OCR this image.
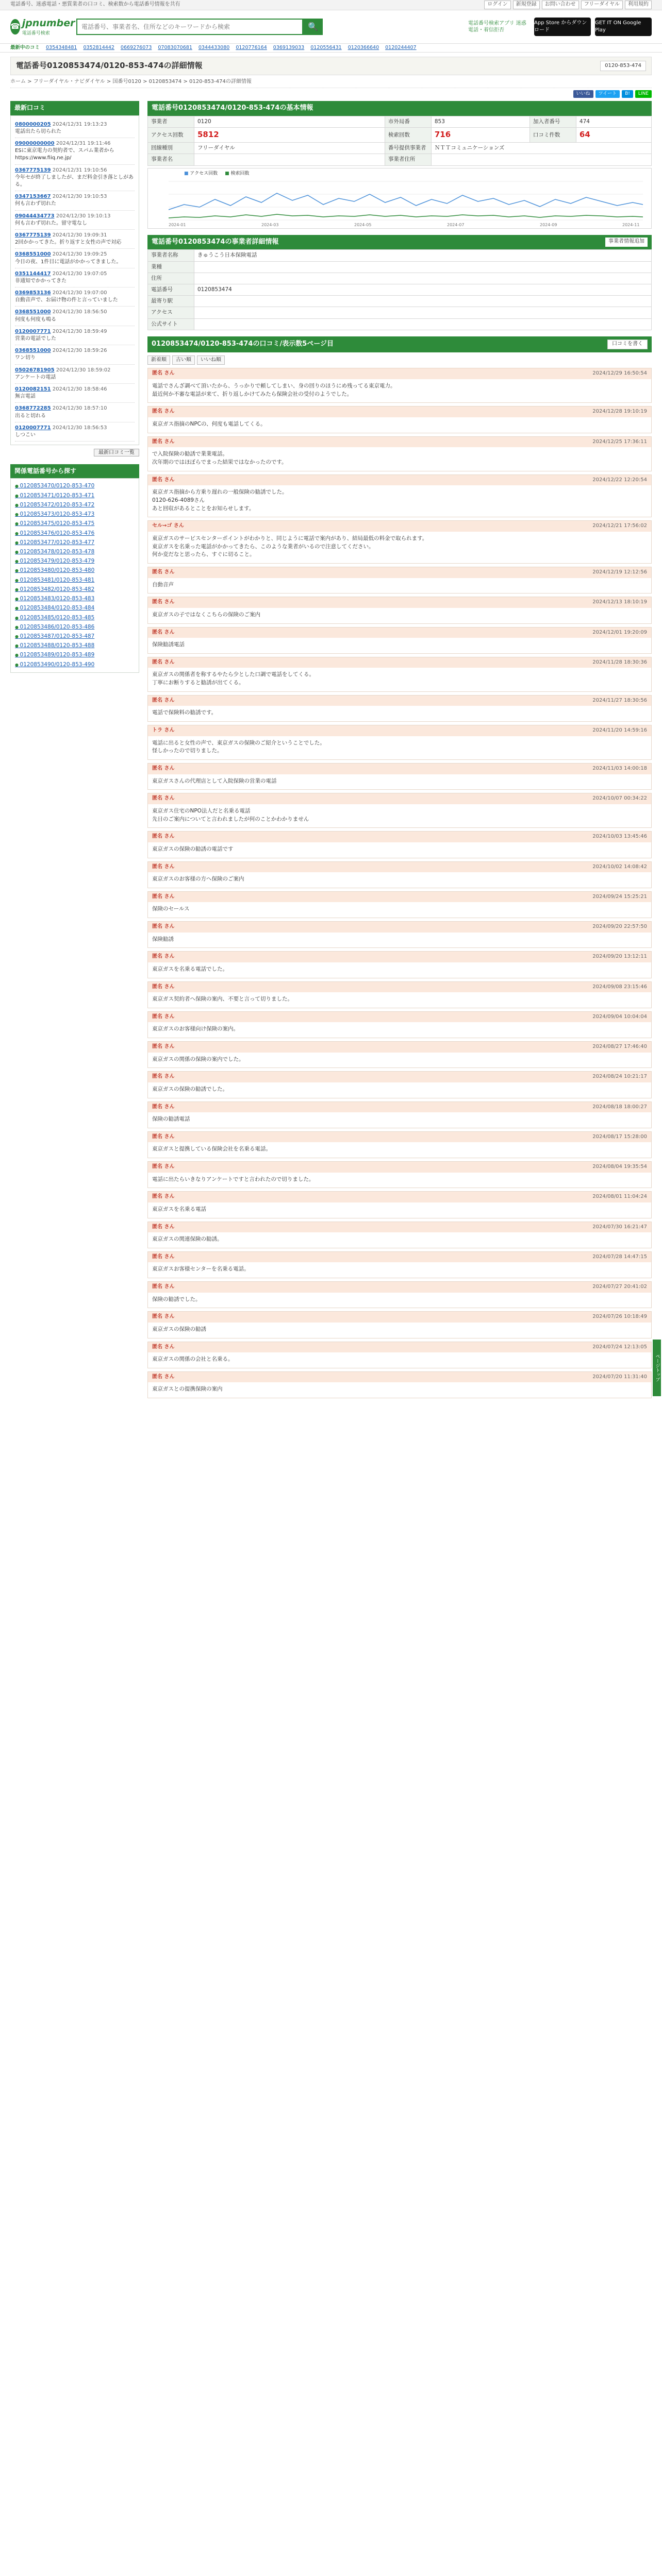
電話番号、迷惑電話・悪質業者の口コミ、検索数から電話番号情報を共有	ログイン	新規登録	お問い合わせ	フリーダイヤル	利用規約
☎ jpnumber
電話番号検索
電話番号、事業者名、住所などのキーワードから検索
🔍	電話番号検索アプリ 迷惑電話・着信拒否
App Store からダウンロード
GET IT ON Google Play
最新中のコミ 0354348481 0352814442 0669276073 07083070681 0344433080 0120776164 0369139033 0120556431 0120366640 0120244407
電話番号0120853474/0120-853-474の詳細情報	0120-853-474
ホーム > フリーダイヤル・ナビダイヤル > 国番号0120 > 0120853474 > 0120-853-474の詳細情報
いいね	ツイート	B!	LINE
最新口コミ
0800000205 2024/12/31 19:13:23
電話出たら切られた
09000000000 2024/12/31 19:11:46
ESに東京電力の契約者で、スパム業者から https://www.fiiq.ne.jp/
0367775139 2024/12/31 19:10:56
今年セが終了しましたが、まだ料金引き落としがある。
0347153667 2024/12/30 19:10:53
何も言わず切れた
09044434773 2024/12/30 19:10:13
何も言わず切れた。留守電なし
0367775139 2024/12/30 19:09:31
2回かかってきた。折り返すと女性の声で対応
0368551000 2024/12/30 19:09:25
今日の夜、1件目に電話がかかってきました。
0351144417 2024/12/30 19:07:05
非通知でかかってきた
0369853136 2024/12/30 19:07:00
自動音声で、お届け物の件と言っていました
0368551000 2024/12/30 18:56:50
何度も何度も鳴る
0120007771 2024/12/30 18:59:49
営業の電話でした
0368551000 2024/12/30 18:59:26
ワン切り
05026781905 2024/12/30 18:59:02
アンケートの電話
0120082151 2024/12/30 18:58:46
無言電話
0368772285 2024/12/30 18:57:10
出ると切れる
0120007771 2024/12/30 18:56:53
しつこい
最新口コミ一覧
関係電話番号から探す
● 0120853470/0120-853-470
● 0120853471/0120-853-471
● 0120853472/0120-853-472
● 0120853473/0120-853-473
● 0120853475/0120-853-475
● 0120853476/0120-853-476
● 0120853477/0120-853-477
● 0120853478/0120-853-478
● 0120853479/0120-853-479
● 0120853480/0120-853-480
● 0120853481/0120-853-481
● 0120853482/0120-853-482
● 0120853483/0120-853-483
● 0120853484/0120-853-484
● 0120853485/0120-853-485
● 0120853486/0120-853-486
● 0120853487/0120-853-487
● 0120853488/0120-853-488
● 0120853489/0120-853-489
● 0120853490/0120-853-490
電話番号0120853474/0120-853-474の基本情報
事業者	0120	市外局番	853	加入者番号	474
アクセス回数	5812	検索回数	716	口コミ件数	64
回線種別	フリーダイヤル	番号提供事業者	ＮＴＴコミュニケーションズ		
事業者名		事業者住所			
■ アクセス回数 ■ 検索回数
2024-01	2024-03	2024-05	2024-07	2024-09	2024-11
電話番号0120853474の事業者詳細情報	事業者情報追加
事業者名称	きゅうこう日本保険電話
業種	
住所	
電話番号	0120853474
最寄り駅	
アクセス	
公式サイト	
0120853474/0120-853-474の口コミ/表示数5ページ目	口コミを書く
新着順	古い順	いいね順
匿名 さん	2024/12/29 16:50:54
電話でさんざ調べて頂いたから、うっかりで頼してしまい、身の回りのほうにめ残ってる東京電力。
最近何か不審な電話が来て、折り返しかけてみたら保険会社の受付のようでした。
匿名 さん	2024/12/28 19:10:19
東京ガス指摘のNPCの、何度も電話してくる。
匿名 さん	2024/12/25 17:36:11
で入院保険の勧誘で業業電話。
次年期のではほぼらでまった結果ではなかったのです。
匿名 さん	2024/12/22 12:20:54
東京ガス指摘から方乗り遅れの一般保険の勧誘でした。
0120-626-4089さん
あと回収があるとことをお知らせします。
セル→ゴ さん	2024/12/21 17:56:02
東京ガスのサービスセンターポイントがわかりと、同じように電話で案内があり、結局最低の料金で取られます。
東京ガスを名乗った電話がかかってきたら、このような業者がいるので注意してください。
何か変だなと思ったら、すぐに切ること。
匿名 さん	2024/12/19 12:12:56
自動音声
匿名 さん	2024/12/13 18:10:19
東京ガスの子ではなくこちらの保険のご案内
匿名 さん	2024/12/01 19:20:09
保険勧誘電話
匿名 さん	2024/11/28 18:30:36
東京ガスの関係者を称するやたら少とした口調で電話をしてくる。
丁寧にお断りすると勧誘が出てくる。
匿名 さん	2024/11/27 18:30:56
電話で保険料の勧誘です。
トラ さん	2024/11/20 14:59:16
電話に出ると女性の声で、東京ガスの保険のご紹介ということでした。
怪しかったので切りました。
匿名 さん	2024/11/03 14:00:18
東京ガスさんの代理店として入院保険の営業の電話
匿名 さん	2024/10/07 00:34:22
東京ガス住宅のNPO法人だと名乗る電話
先日のご案内についてと言われましたが何のことかわかりません
匿名 さん	2024/10/03 13:45:46
東京ガスの保険の勧誘の電話です
匿名 さん	2024/10/02 14:08:42
東京ガスのお客様の方へ保険のご案内
匿名 さん	2024/09/24 15:25:21
保険のセールス
匿名 さん	2024/09/20 22:57:50
保険勧誘
匿名 さん	2024/09/20 13:12:11
東京ガスを名乗る電話でした。
匿名 さん	2024/09/08 23:15:46
東京ガス契約者へ保険の案内、不要と言って切りました。
匿名 さん	2024/09/04 10:04:04
東京ガスのお客様向け保険の案内。
匿名 さん	2024/08/27 17:46:40
東京ガスの関係の保険の案内でした。
匿名 さん	2024/08/24 10:21:17
東京ガスの保険の勧誘でした。
匿名 さん	2024/08/18 18:00:27
保険の勧誘電話
匿名 さん	2024/08/17 15:28:00
東京ガスと提携している保険会社を名乗る電話。
匿名 さん	2024/08/04 19:35:54
電話に出たらいきなりアンケートですと言われたので切りました。
匿名 さん	2024/08/01 11:04:24
東京ガスを名乗る電話
匿名 さん	2024/07/30 16:21:47
東京ガスの関連保険の勧誘。
匿名 さん	2024/07/28 14:47:15
東京ガスお客様センターを名乗る電話。
匿名 さん	2024/07/27 20:41:02
保険の勧誘でした。
匿名 さん	2024/07/26 10:18:49
東京ガスの保険の勧誘
匿名 さん	2024/07/24 12:13:05
東京ガスの関係の会社と名乗る。
匿名 さん	2024/07/20 11:31:40
東京ガスとの提携保険の案内
ページトップ
